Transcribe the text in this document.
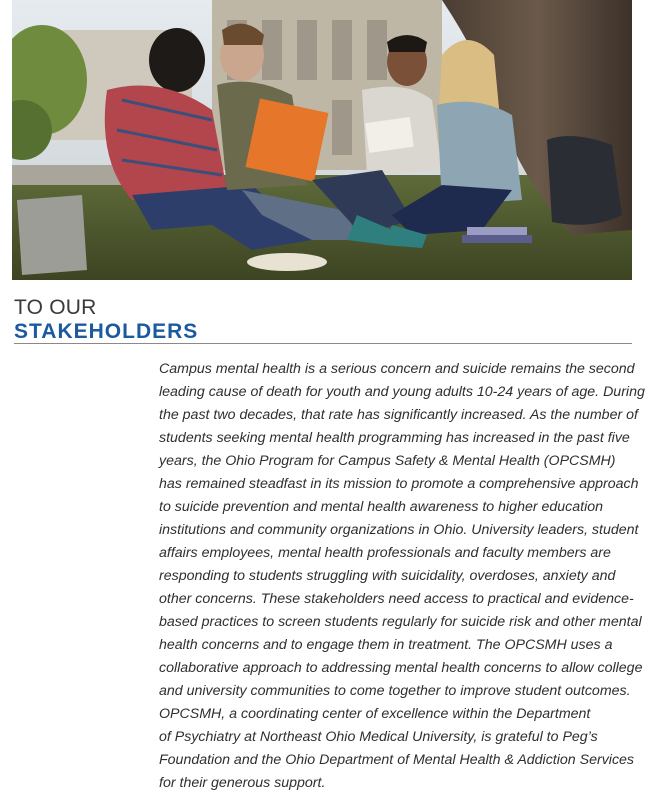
TO OUR
STAKEHOLDERS
Campus mental health is a serious concern and suicide remains the second
leading cause of death for youth and young adults 10-24 years of age. During
the past two decades, that rate has significantly increased. As the number of
students seeking mental health programming has increased in the past five
years, the Ohio Program for Campus Safety & Mental Health (OPCSMH)
has remained steadfast in its mission to promote a comprehensive approach
to suicide prevention and mental health awareness to higher education
institutions and community organizations in Ohio. University leaders, student
affairs employees, mental health professionals and faculty members are
responding to students struggling with suicidality, overdoses, anxiety and
other concerns. These stakeholders need access to practical and evidence-
based practices to screen students regularly for suicide risk and other mental
health concerns and to engage them in treatment. The OPCSMH uses a
collaborative approach to addressing mental health concerns to allow college
and university communities to come together to improve student outcomes.
OPCSMH, a coordinating center of excellence within the Department
of Psychiatry at Northeast Ohio Medical University, is grateful to Peg’s
Foundation and the Ohio Department of Mental Health & Addiction Services
for their generous support.
